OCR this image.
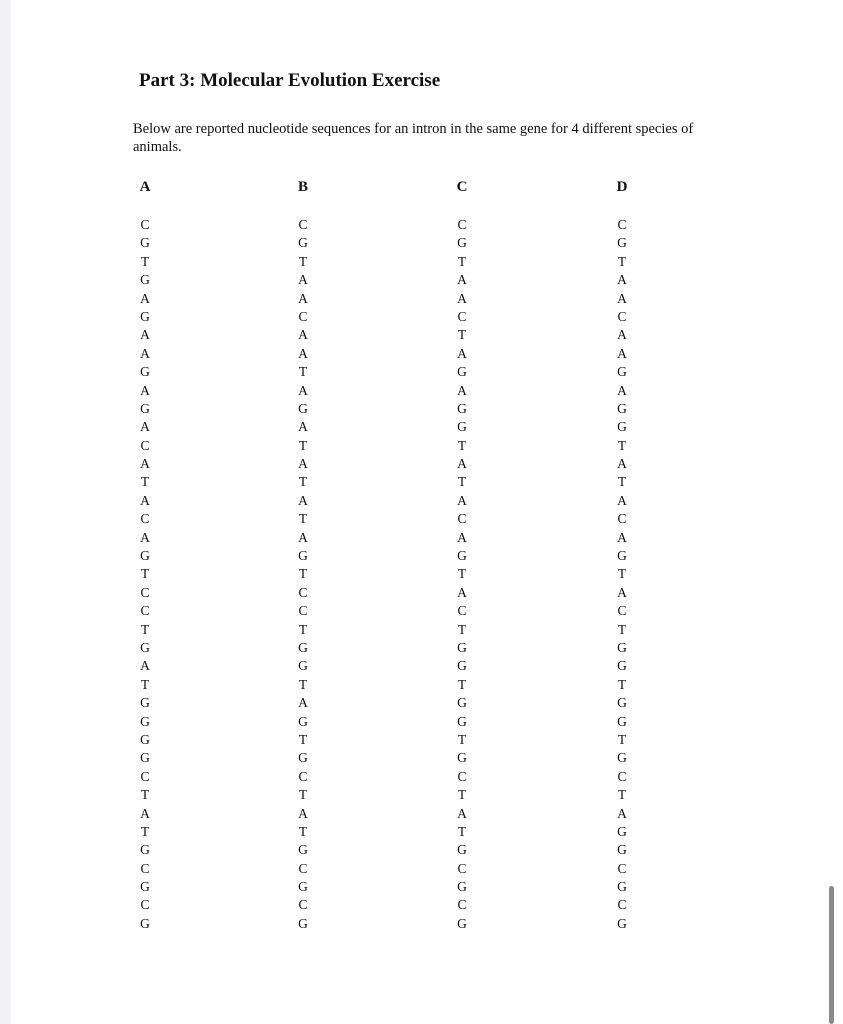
Part 3: Molecular Evolution Exercise
Below are reported nucleotide sequences for an intron in the same gene for 4 different species of animals.
A
C
G
T
G
A
G
A
A
G
A
G
A
C
A
T
A
C
A
G
T
C
C
T
G
A
T
G
G
G
G
C
T
A
T
G
C
G
C
G
B
C
G
T
A
A
C
A
A
T
A
G
A
T
A
T
A
T
A
G
T
C
C
T
G
G
T
A
G
T
G
C
T
A
T
G
C
G
C
G
C
C
G
T
A
A
C
T
A
G
A
G
G
T
A
T
A
C
A
G
T
A
C
T
G
G
T
G
G
T
G
C
T
A
T
G
C
G
C
G
D
C
G
T
A
A
C
A
A
G
A
G
G
T
A
T
A
C
A
G
T
A
C
T
G
G
T
G
G
T
G
C
T
A
G
G
C
G
C
G
